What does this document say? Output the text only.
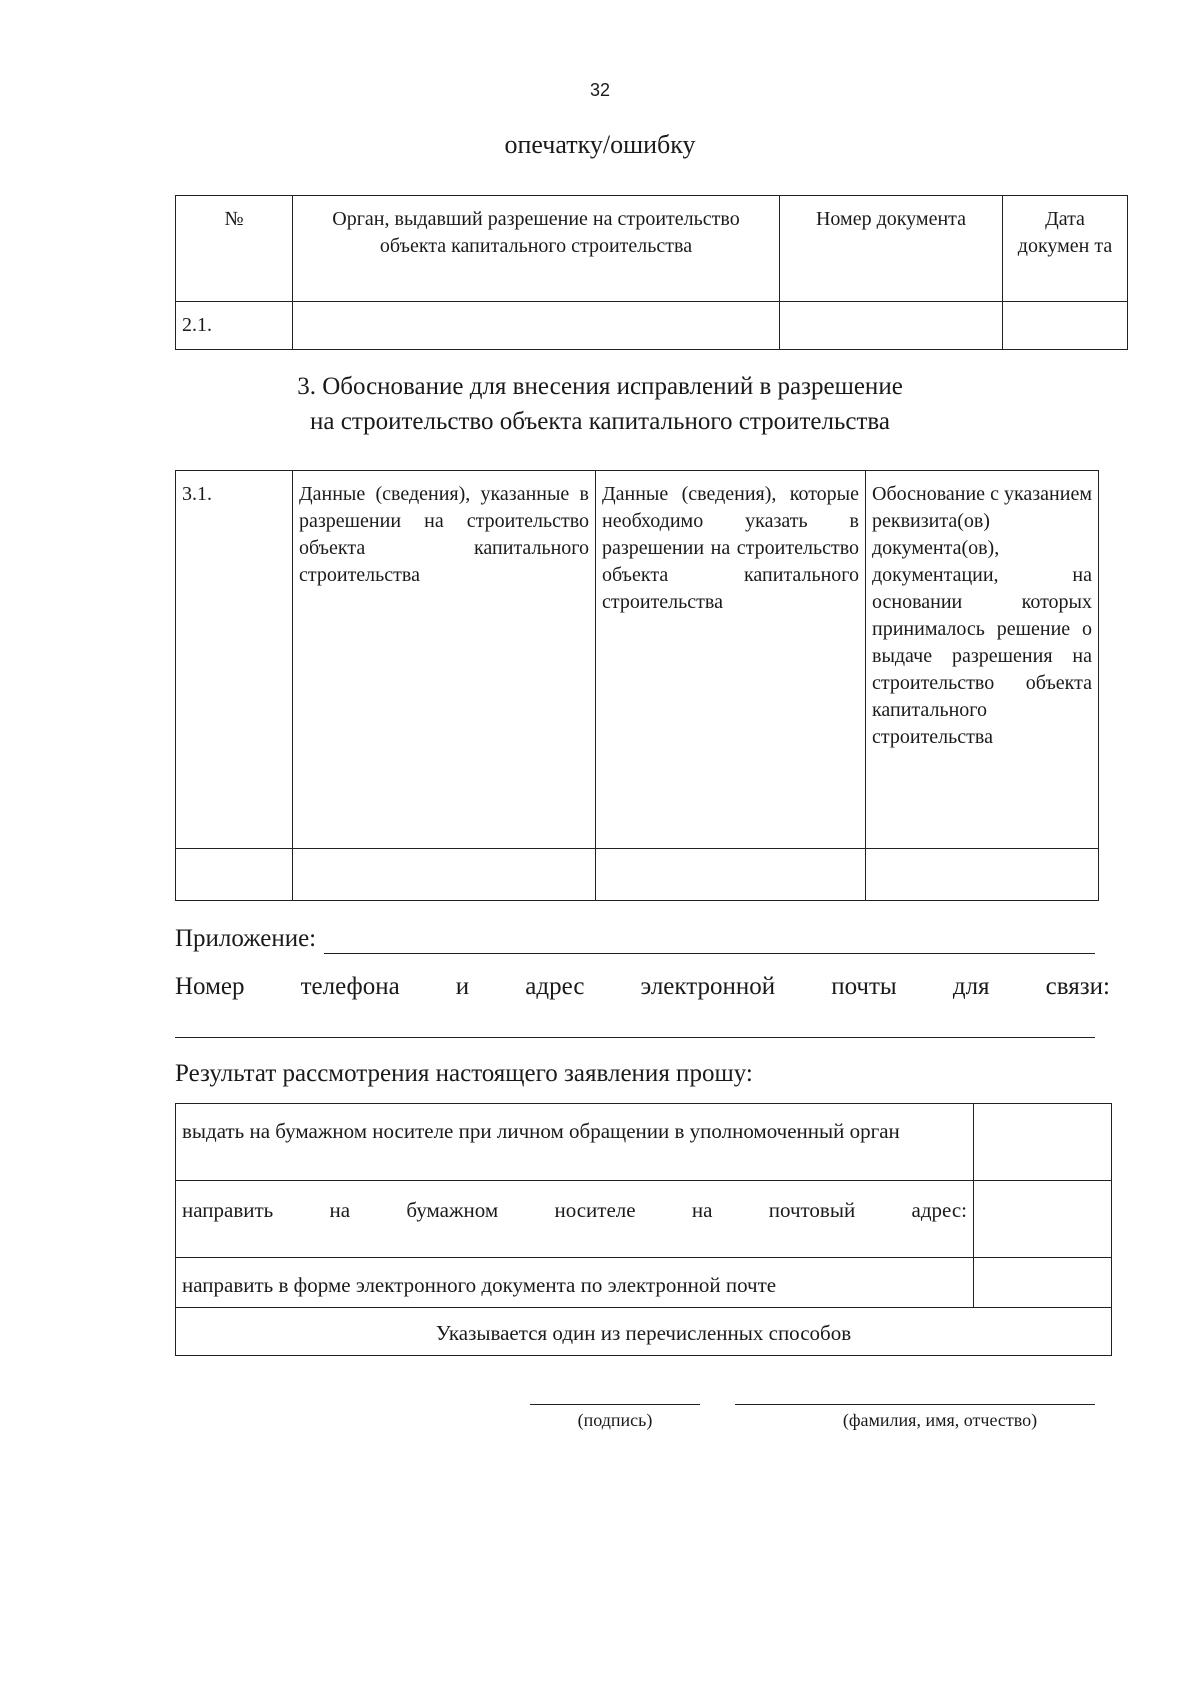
32
опечатку/ошибку
№	Орган, выдавший разрешение на строительство объекта капитального строительства	Номер документа	Дата докумен та
2.1.			
3. Обоснование для внесения исправлений в разрешение
на строительство объекта капитального строительства
3.1.	Данные (сведения), указанные в разрешении на строительство объекта капитального строительства	Данные (сведения), которые необходимо указать в разрешении на строительство объекта капитального строительства	Обоснование с указанием реквизита(ов) документа(ов), документации, на основании которых принималось решение о выдаче разрешения на строительство объекта капитального строительства

Приложение:
Номер телефона и адрес электронной почты для связи:
Результат рассмотрения настоящего заявления прошу:
выдать на бумажном носителе при личном обращении в уполномоченный орган	
направить на бумажном носителе на почтовый адрес:	
направить в форме электронного документа по электронной почте	
Указывается один из перечисленных способов	
(подпись)	(фамилия, имя, отчество)
